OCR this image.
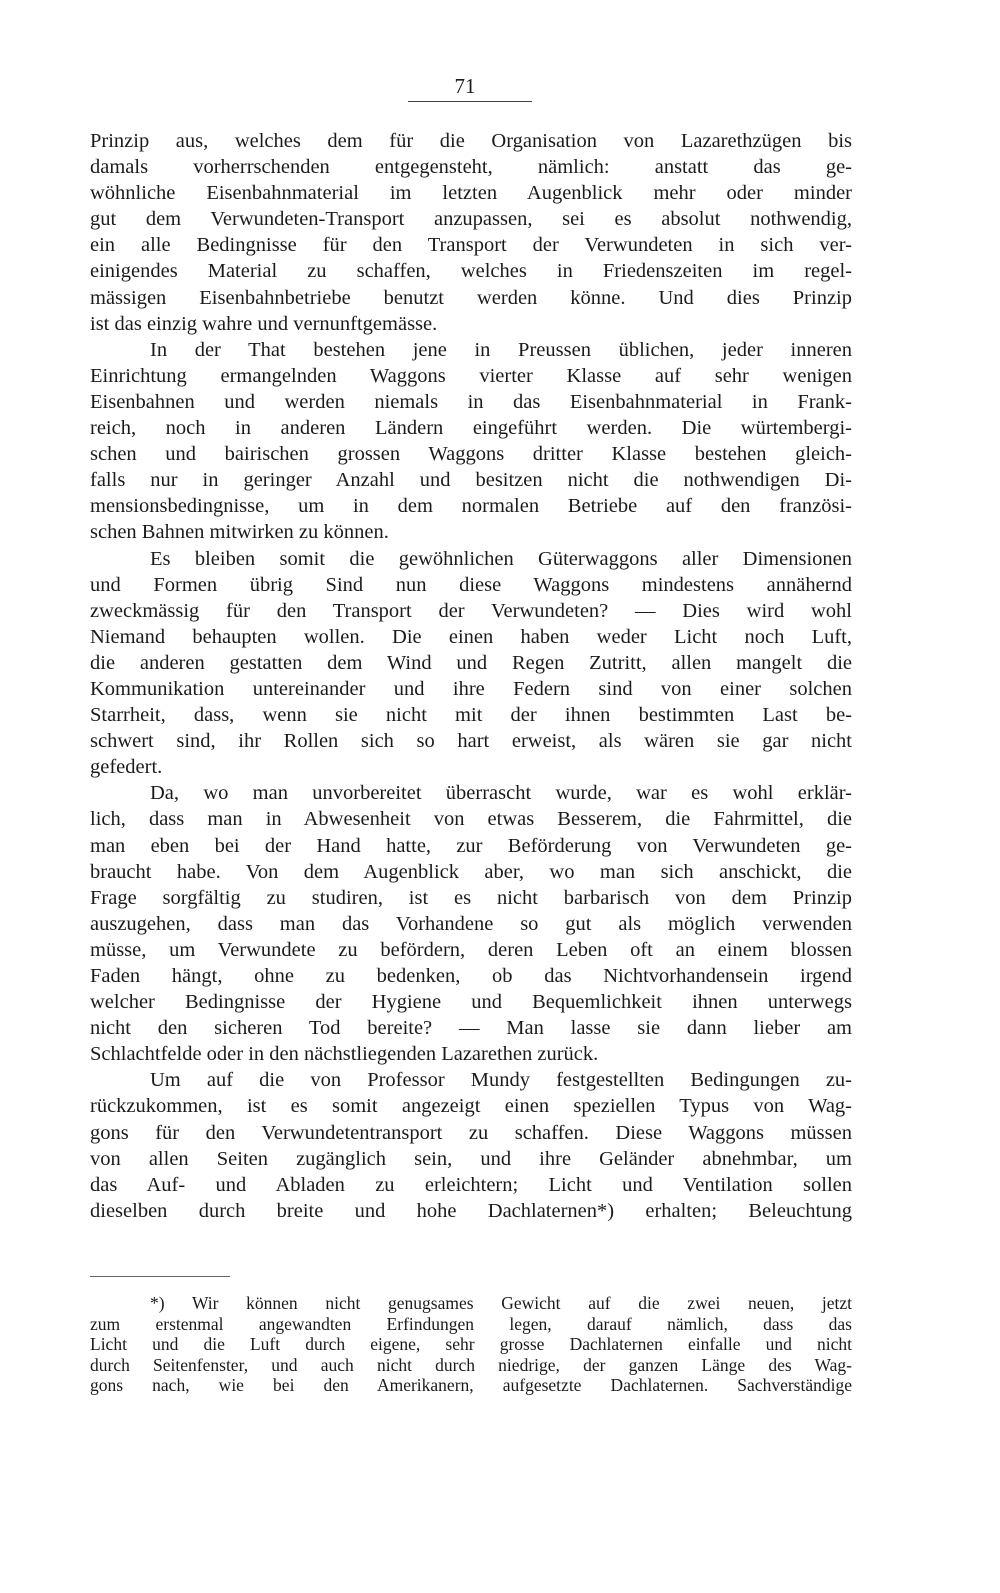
71
Prinzip aus, welches dem für die Organisation von Lazarethzügen bis
damals vorherrschenden entgegensteht, nämlich: anstatt das ge-
wöhnliche Eisenbahnmaterial im letzten Augenblick mehr oder minder
gut dem Verwundeten-Transport anzupassen, sei es absolut nothwendig,
ein alle Bedingnisse für den Transport der Verwundeten in sich ver-
einigendes Material zu schaffen, welches in Friedenszeiten im regel-
mässigen Eisenbahnbetriebe benutzt werden könne. Und dies Prinzip
ist das einzig wahre und vernunftgemässe.
In der That bestehen jene in Preussen üblichen, jeder inneren
Einrichtung ermangelnden Waggons vierter Klasse auf sehr wenigen
Eisenbahnen und werden niemals in das Eisenbahnmaterial in Frank-
reich, noch in anderen Ländern eingeführt werden. Die würtembergi-
schen und bairischen grossen Waggons dritter Klasse bestehen gleich-
falls nur in geringer Anzahl und besitzen nicht die nothwendigen Di-
mensionsbedingnisse, um in dem normalen Betriebe auf den französi-
schen Bahnen mitwirken zu können.
Es bleiben somit die gewöhnlichen Güterwaggons aller Dimensionen
und Formen übrig Sind nun diese Waggons mindestens annähernd
zweckmässig für den Transport der Verwundeten? — Dies wird wohl
Niemand behaupten wollen. Die einen haben weder Licht noch Luft,
die anderen gestatten dem Wind und Regen Zutritt, allen mangelt die
Kommunikation untereinander und ihre Federn sind von einer solchen
Starrheit, dass, wenn sie nicht mit der ihnen bestimmten Last be-
schwert sind, ihr Rollen sich so hart erweist, als wären sie gar nicht
gefedert.
Da, wo man unvorbereitet überrascht wurde, war es wohl erklär-
lich, dass man in Abwesenheit von etwas Besserem, die Fahrmittel, die
man eben bei der Hand hatte, zur Beförderung von Verwundeten ge-
braucht habe. Von dem Augenblick aber, wo man sich anschickt, die
Frage sorgfältig zu studiren, ist es nicht barbarisch von dem Prinzip
auszugehen, dass man das Vorhandene so gut als möglich verwenden
müsse, um Verwundete zu befördern, deren Leben oft an einem blossen
Faden hängt, ohne zu bedenken, ob das Nichtvorhandensein irgend
welcher Bedingnisse der Hygiene und Bequemlichkeit ihnen unterwegs
nicht den sicheren Tod bereite? — Man lasse sie dann lieber am
Schlachtfelde oder in den nächstliegenden Lazarethen zurück.
Um auf die von Professor Mundy festgestellten Bedingungen zu-
rückzukommen, ist es somit angezeigt einen speziellen Typus von Wag-
gons für den Verwundetentransport zu schaffen. Diese Waggons müssen
von allen Seiten zugänglich sein, und ihre Geländer abnehmbar, um
das Auf- und Abladen zu erleichtern; Licht und Ventilation sollen
dieselben durch breite und hohe Dachlaternen*) erhalten; Beleuchtung
*) Wir können nicht genugsames Gewicht auf die zwei neuen, jetzt
zum erstenmal angewandten Erfindungen legen, darauf nämlich, dass das
Licht und die Luft durch eigene, sehr grosse Dachlaternen einfalle und nicht
durch Seitenfenster, und auch nicht durch niedrige, der ganzen Länge des Wag-
gons nach, wie bei den Amerikanern, aufgesetzte Dachlaternen. Sachverständige
